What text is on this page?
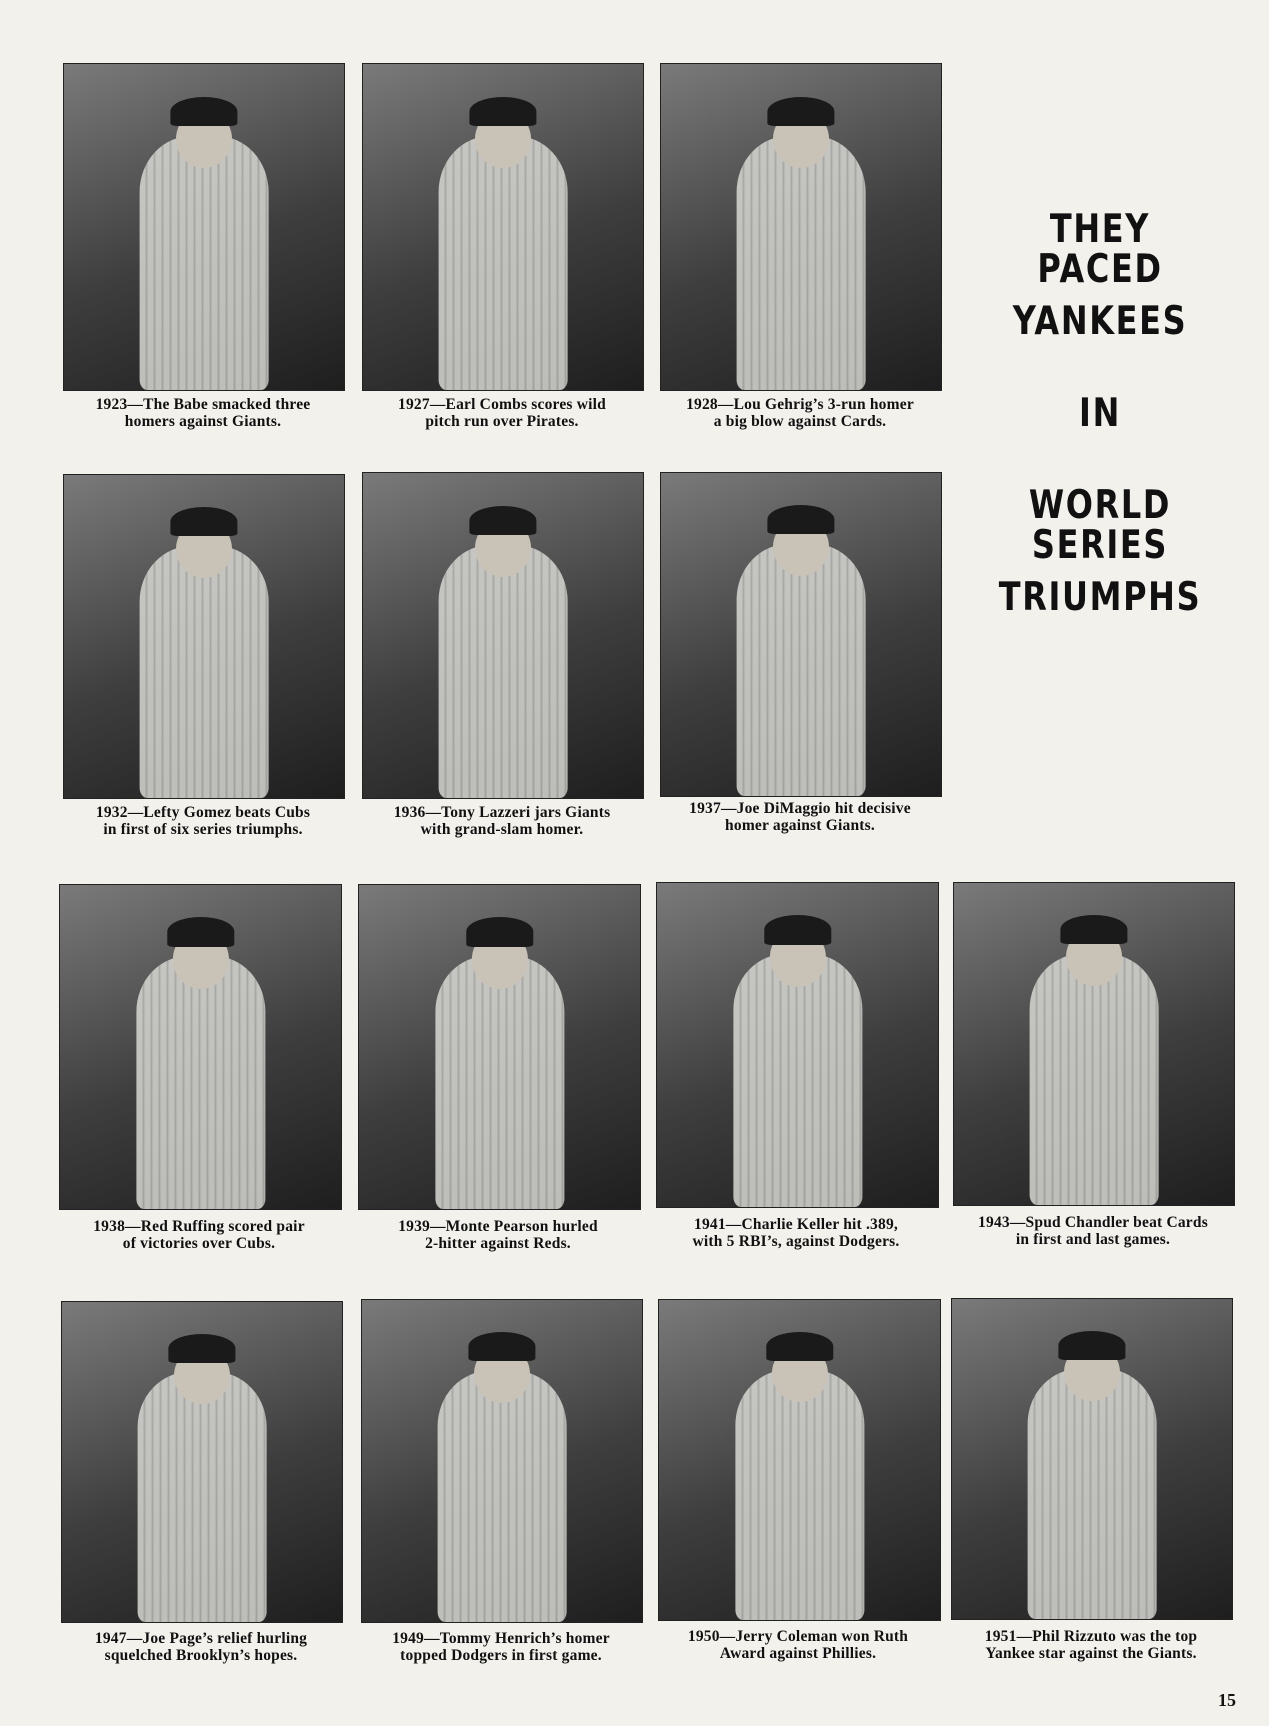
1923—The Babe smacked three
homers against Giants.
1927—Earl Combs scores wild
pitch run over Pirates.
1928—Lou Gehrig’s 3-run homer
a big blow against Cards.
THEY PACED
YANKEES
IN
WORLD SERIES
TRIUMPHS
1932—Lefty Gomez beats Cubs
in first of six series triumphs.
1936—Tony Lazzeri jars Giants
with grand-slam homer.
1937—Joe DiMaggio hit decisive
homer against Giants.
1938—Red Ruffing scored pair
of victories over Cubs.
1939—Monte Pearson hurled
2-hitter against Reds.
1941—Charlie Keller hit .389,
with 5 RBI’s, against Dodgers.
1943—Spud Chandler beat Cards
in first and last games.
1947—Joe Page’s relief hurling
squelched Brooklyn’s hopes.
1949—Tommy Henrich’s homer
topped Dodgers in first game.
1950—Jerry Coleman won Ruth
Award against Phillies.
1951—Phil Rizzuto was the top
Yankee star against the Giants.
15
